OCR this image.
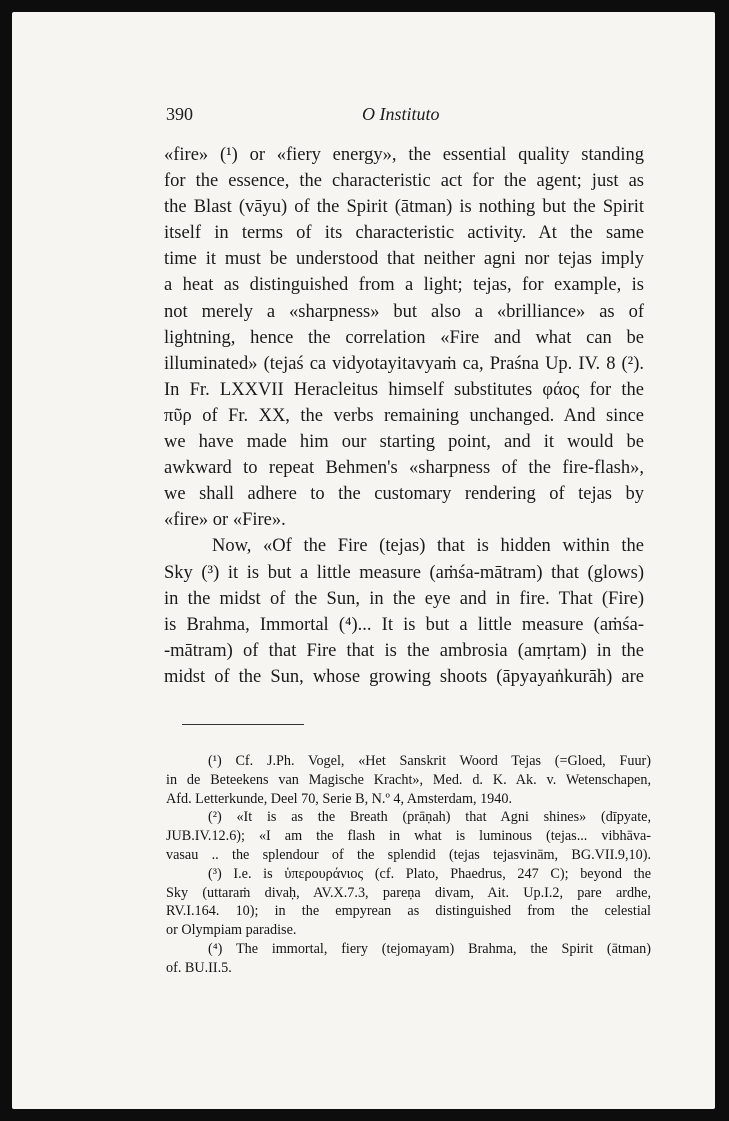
390	O Instituto
«fire» (¹) or «fiery energy», the essential quality standing
for the essence, the characteristic act for the agent; just as
the Blast (vāyu) of the Spirit (ātman) is nothing but the Spirit
itself in terms of its characteristic activity. At the same
time it must be understood that neither agni nor tejas imply
a heat as distinguished from a light; tejas, for example, is
not merely a «sharpness» but also a «brilliance» as of
lightning, hence the correlation «Fire and what can be
illuminated» (tejaś ca vidyotayitavyaṁ ca, Praśna Up. IV. 8 (²).
In Fr. LXXVII Heracleitus himself substitutes φάος for the
πῦρ of Fr. XX, the verbs remaining unchanged. And since
we have made him our starting point, and it would be
awkward to repeat Behmen's «sharpness of the fire-flash»,
we shall adhere to the customary rendering of tejas by
«fire» or «Fire».
Now, «Of the Fire (tejas) that is hidden within the
Sky (³) it is but a little measure (aṁśa-mātram) that (glows)
in the midst of the Sun, in the eye and in fire. That (Fire)
is Brahma, Immortal (⁴)... It is but a little measure (aṁśa-
-mātram) of that Fire that is the ambrosia (amṛtam) in the
midst of the Sun, whose growing shoots (āpyayaṅkurāh) are
(¹) Cf. J.Ph. Vogel, «Het Sanskrit Woord Tejas (=Gloed, Fuur)
in de Beteekens van Magische Kracht», Med. d. K. Ak. v. Wetenschapen,
Afd. Letterkunde, Deel 70, Serie B, N.º 4, Amsterdam, 1940.
(²) «It is as the Breath (prāṇah) that Agni shines» (dīpyate,
JUB.IV.12.6); «I am the flash in what is luminous (tejas... vibhāva-
vasau .. the splendour of the splendid (tejas tejasvinām, BG.VII.9,10).
(³) I.e. is ὑπερουράνιος (cf. Plato, Phaedrus, 247 C); beyond the
Sky (uttaraṁ divaḥ, AV.X.7.3, pareṇa divam, Ait. Up.I.2, pare ardhe,
RV.I.164. 10); in the empyrean as distinguished from the celestial
or Olympiam paradise.
(⁴) The immortal, fiery (tejomayam) Brahma, the Spirit (ātman)
of. BU.II.5.
